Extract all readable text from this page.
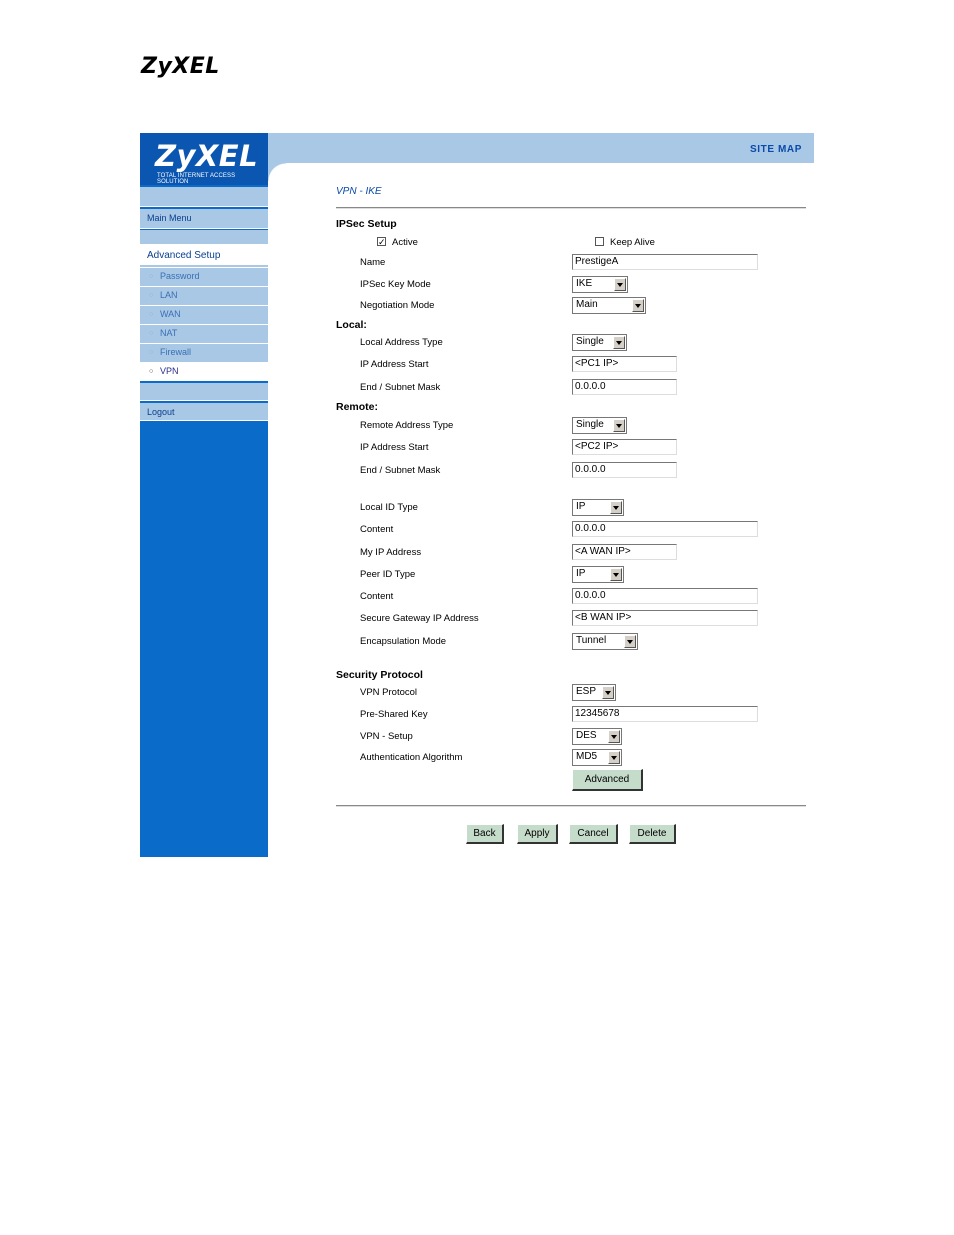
ZyXEL
ZyXEL
TOTAL INTERNET ACCESS SOLUTION
Main Menu
Advanced Setup
○ Password
○ LAN
○ WAN
○ NAT
○ Firewall
○ VPN
Logout
SITE MAP
VPN - IKE
IPSec Setup
✓ Active	Keep Alive
Name	PrestigeA
IPSec Key Mode	IKE
Negotiation Mode	Main
Local:
Local Address Type	Single
IP Address Start	<PC1 IP>
End / Subnet Mask	0.0.0.0
Remote:
Remote Address Type	Single
IP Address Start	<PC2 IP>
End / Subnet Mask	0.0.0.0
Local ID Type	IP
Content	0.0.0.0
My IP Address	<A WAN IP>
Peer ID Type	IP
Content	0.0.0.0
Secure Gateway IP Address	<B WAN IP>
Encapsulation Mode	Tunnel
Security Protocol
VPN Protocol	ESP
Pre-Shared Key	12345678
VPN - Setup	DES
Authentication Algorithm	MD5
Advanced
Back	Apply	Cancel	Delete
